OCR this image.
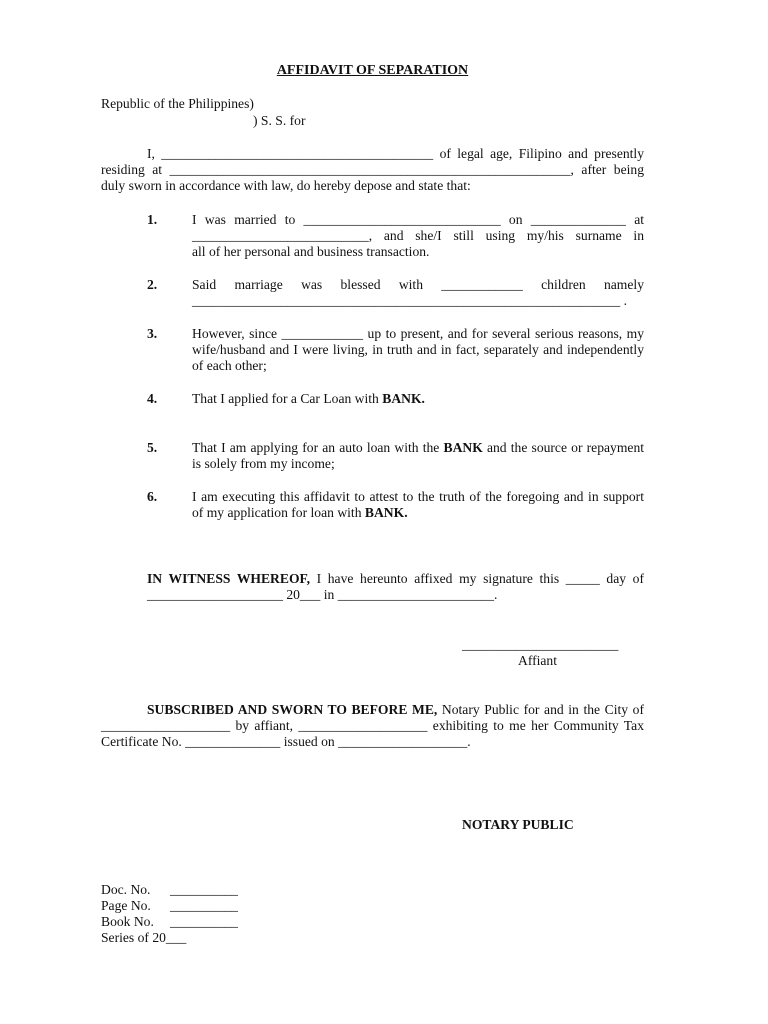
AFFIDAVIT OF SEPARATION
Republic of the Philippines)
) S. S. for
I, ________________________________________ of legal age, Filipino and presently
residing at ___________________________________________________________, after being
duly sworn in accordance with law, do hereby depose and state that:
1.	I was married to _____________________________ on ______________ at
__________________________, and she/I still using my/his surname in
all of her personal and business transaction.
2.	Said marriage was blessed with ____________ children namely
_______________________________________________________________ .
3.	However, since ____________ up to present, and for several serious reasons, my
wife/husband and I were living, in truth and in fact, separately and independently
of each other;
4.	That I applied for a Car Loan with BANK.
5.	That I am applying for an auto loan with the BANK and the source or repayment
is solely from my income;
6.	I am executing this affidavit to attest to the truth of the foregoing and in support
of my application for loan with BANK.
IN WITNESS WHEREOF, I have hereunto affixed my signature this _____ day of
____________________ 20___ in _______________________.
_______________________
Affiant
SUBSCRIBED AND SWORN TO BEFORE ME, Notary Public for and in the City of
___________________ by affiant, ___________________ exhibiting to me her Community Tax
Certificate No. ______________ issued on ___________________.
NOTARY PUBLIC
Doc. No. __________
Page No. __________
Book No. __________
Series of 20___
